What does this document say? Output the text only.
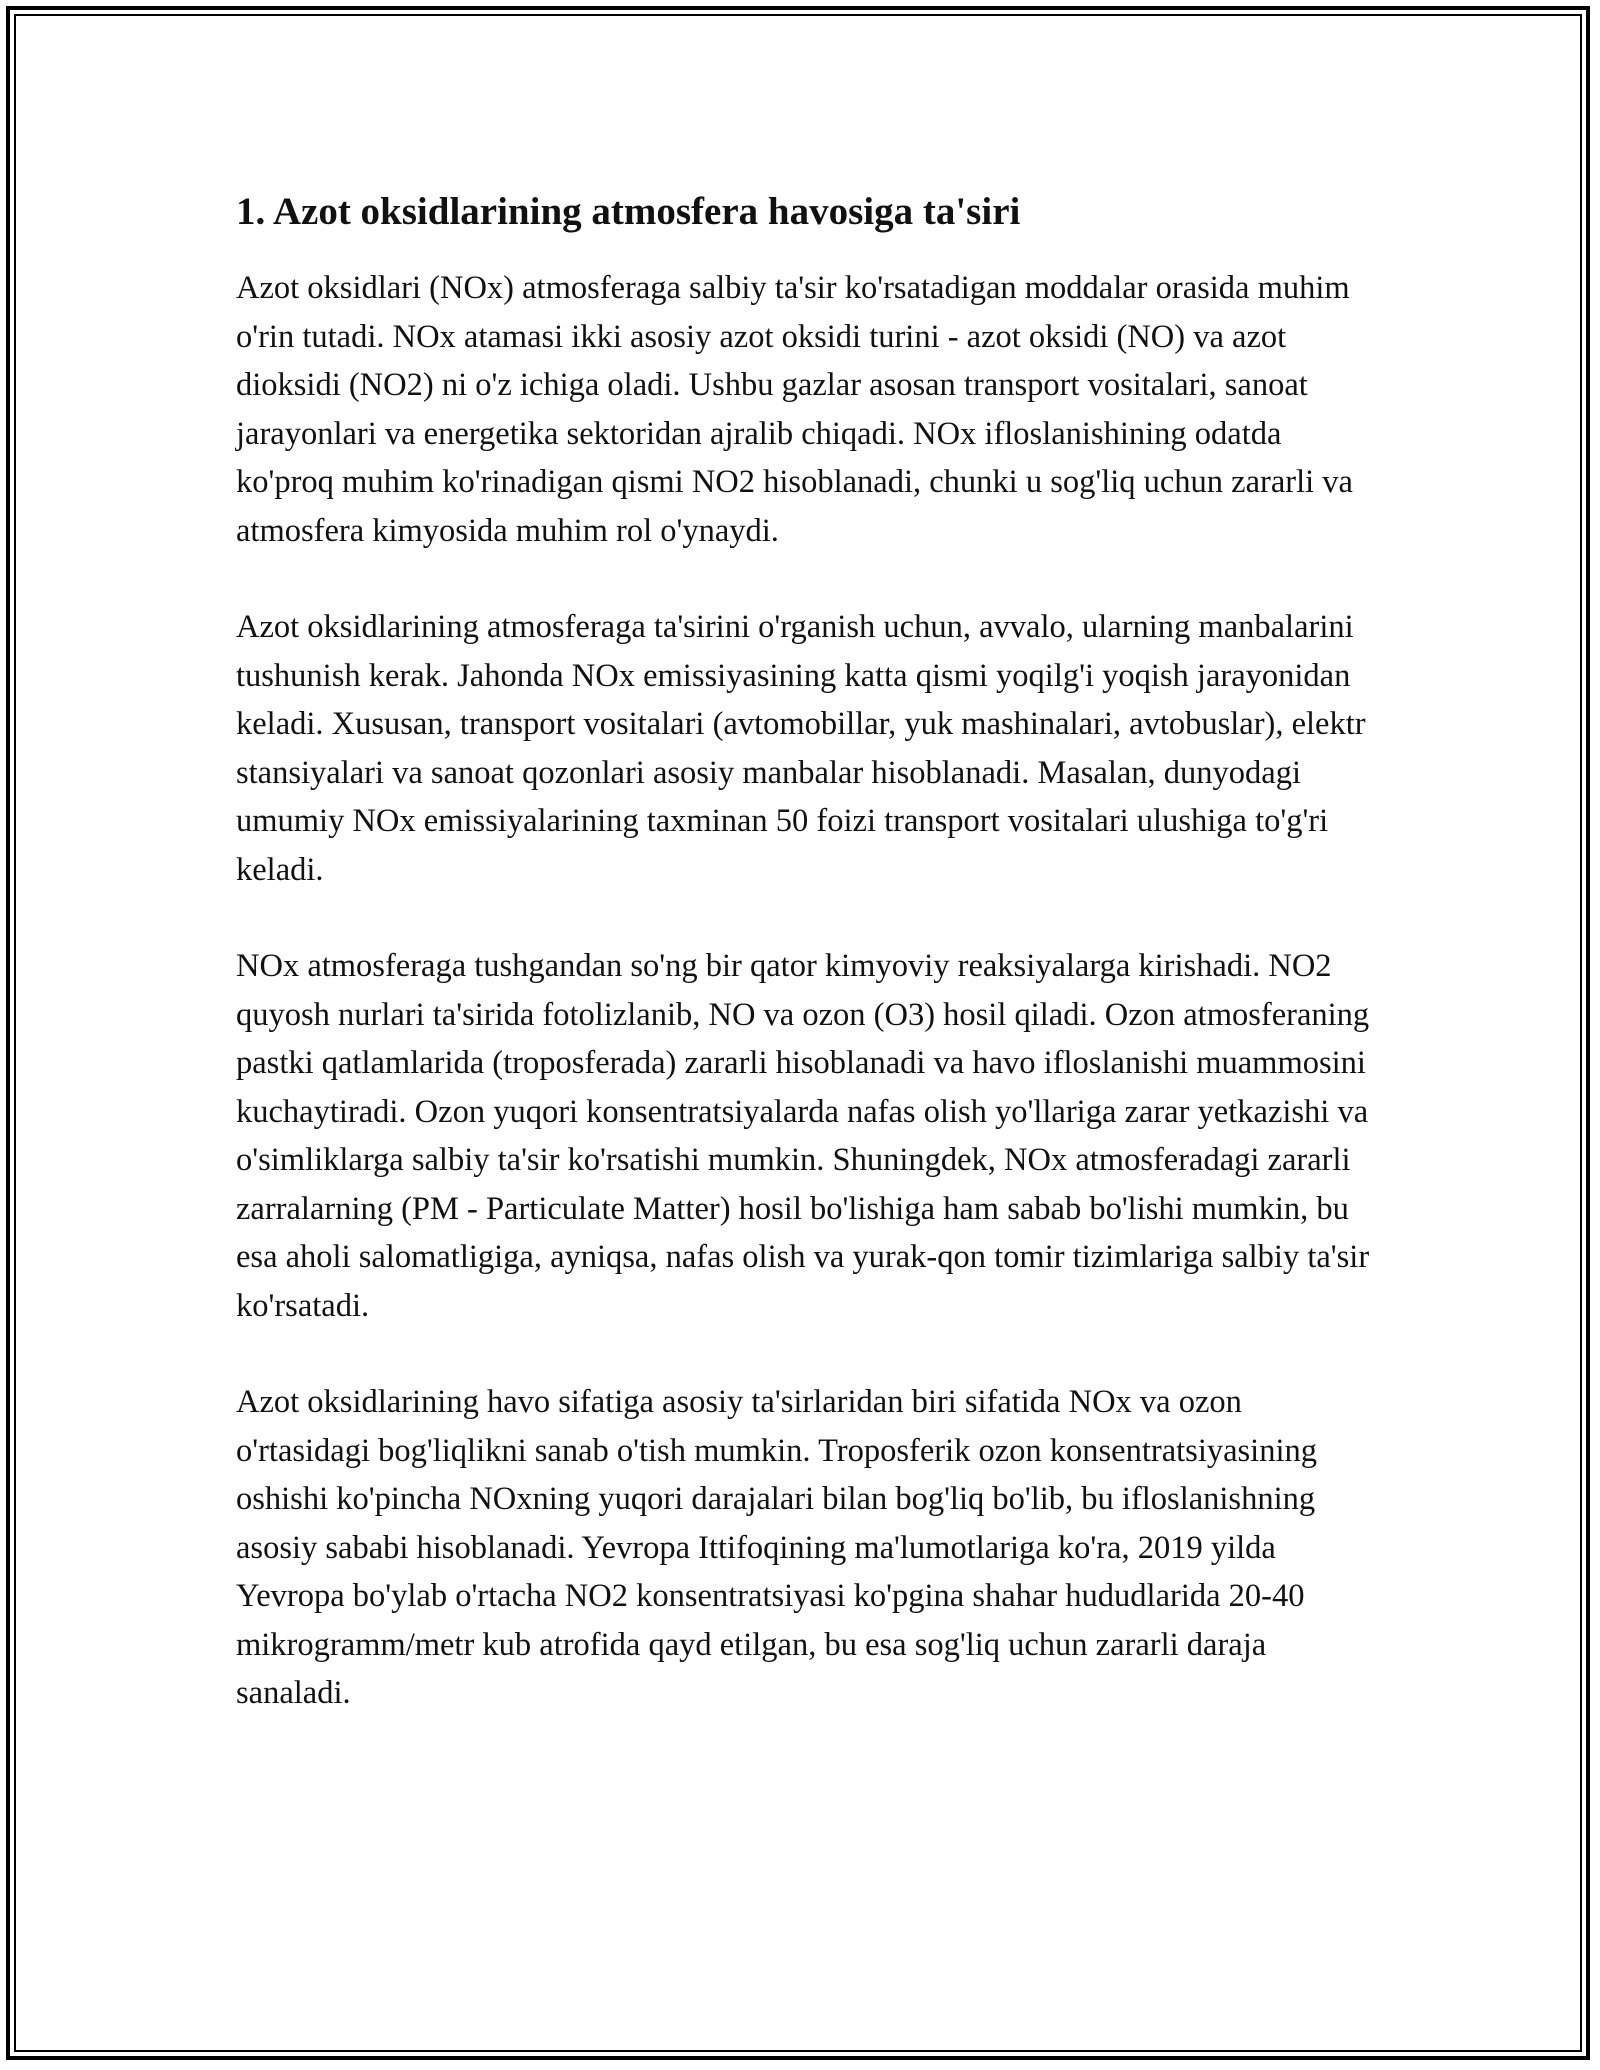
1. Azot oksidlarining atmosfera havosiga ta'siri

Azot oksidlari (NOx) atmosferaga salbiy ta'sir ko'rsatadigan moddalar orasida muhim o'rin tutadi. NOx atamasi ikki asosiy azot oksidi turini - azot oksidi (NO) va azot dioksidi (NO2) ni o'z ichiga oladi. Ushbu gazlar asosan transport vositalari, sanoat jarayonlari va energetika sektoridan ajralib chiqadi. NOx ifloslanishining odatda ko'proq muhim ko'rinadigan qismi NO2 hisoblanadi, chunki u sog'liq uchun zararli va atmosfera kimyosida muhim rol o'ynaydi.

Azot oksidlarining atmosferaga ta'sirini o'rganish uchun, avvalo, ularning manbalarini tushunish kerak. Jahonda NOx emissiyasining katta qismi yoqilg'i yoqish jarayonidan keladi. Xususan, transport vositalari (avtomobillar, yuk mashinalari, avtobuslar), elektr stansiyalari va sanoat qozonlari asosiy manbalar hisoblanadi. Masalan, dunyodagi umumiy NOx emissiyalarining taxminan 50 foizi transport vositalari ulushiga to'g'ri keladi.

NOx atmosferaga tushgandan so'ng bir qator kimyoviy reaksiyalarga kirishadi. NO2 quyosh nurlari ta'sirida fotolizlanib, NO va ozon (O3) hosil qiladi. Ozon atmosferaning pastki qatlamlarida (troposferada) zararli hisoblanadi va havo ifloslanishi muammosini kuchaytiradi. Ozon yuqori konsentratsiyalarda nafas olish yo'llariga zarar yetkazishi va o'simliklarga salbiy ta'sir ko'rsatishi mumkin. Shuningdek, NOx atmosferadagi zararli zarralarning (PM - Particulate Matter) hosil bo'lishiga ham sabab bo'lishi mumkin, bu esa aholi salomatligiga, ayniqsa, nafas olish va yurak-qon tomir tizimlariga salbiy ta'sir ko'rsatadi.

Azot oksidlarining havo sifatiga asosiy ta'sirlaridan biri sifatida NOx va ozon o'rtasidagi bog'liqlikni sanab o'tish mumkin. Troposferik ozon konsentratsiyasining oshishi ko'pincha NOxning yuqori darajalari bilan bog'liq bo'lib, bu ifloslanishning asosiy sababi hisoblanadi. Yevropa Ittifoqining ma'lumotlariga ko'ra, 2019 yilda Yevropa bo'ylab o'rtacha NO2 konsentratsiyasi ko'pgina shahar hududlarida 20-40 mikrogramm/metr kub atrofida qayd etilgan, bu esa sog'liq uchun zararli daraja sanaladi.
